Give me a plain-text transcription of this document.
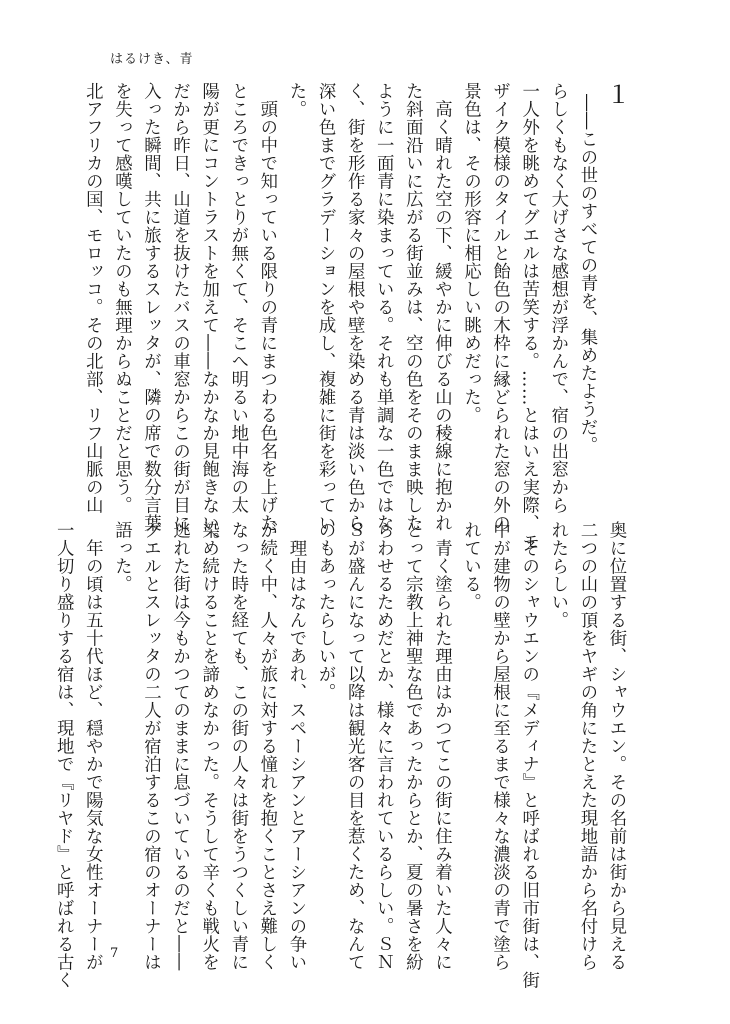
はるけき、青

１

――この世のすべての青を、集めたようだ。

らしくもなく大げさな感想が浮かんで、宿の出窓から

一人外を眺めてグエルは苦笑する。……とはいえ実際、モ

ザイク模様のタイルと飴色の木枠に縁どられた窓の外の

景色は、その形容に相応しい眺めだった。

　高く晴れた空の下、緩やかに伸びる山の稜線に抱かれ

た斜面沿いに広がる街並みは、空の色をそのまま映した

ように一面青に染まっている。それも単調な一色ではな

く、街を形作る家々の屋根や壁を染める青は淡い色から

深い色までグラデーションを成し、複雑に街を彩ってい

た。

　頭の中で知っている限りの青にまつわる色名を上げた

ところできっとりが無くて、そこへ明るい地中海の太

陽が更にコントラストを加えて――なかなか見飽きない。

だから昨日、山道を抜けたバスの車窓からこの街が目に

入った瞬間、共に旅するスレッタが、隣の席で数分言葉

を失って感嘆していたのも無理からぬことだと思う。

北アフリカの国、モロッコ。その北部、リフ山脈の山

奥に位置する街、シャウエン。その名前は街から見える

二つの山の頂をヤギの角にたとえた現地語から名付けら

れたらしい。

　そのシャウエンの『メディナ』と呼ばれる旧市街は、街

中が建物の壁から屋根に至るまで様々な濃淡の青で塗ら

れている。

　青く塗られた理由はかつてこの街に住み着いた人々に

とって宗教上神聖な色であったからとか、夏の暑さを紛

らわせるためだとか、様々に言われているらしい。ＳＮ

Ｓが盛んになって以降は観光客の目を惹くため、なんて

のもあったらしいが。

　理由はなんであれ、スペーシアンとアーシアンの争い

が続く中、人々が旅に対する憧れを抱くことさえ難しく

なった時を経ても、この街の人々は街をうつくしい青に

染め続けることを諦めなかった。そうして辛くも戦火を

逃れた街は今もかつてのままに息づいているのだと――

グエルとスレッタの二人が宿泊するこの宿のオーナーは

語った。

　年の頃は五十代ほど、穏やかで陽気な女性オーナーが

一人切り盛りする宿は、現地で『リヤド』と呼ばれる古く	7
